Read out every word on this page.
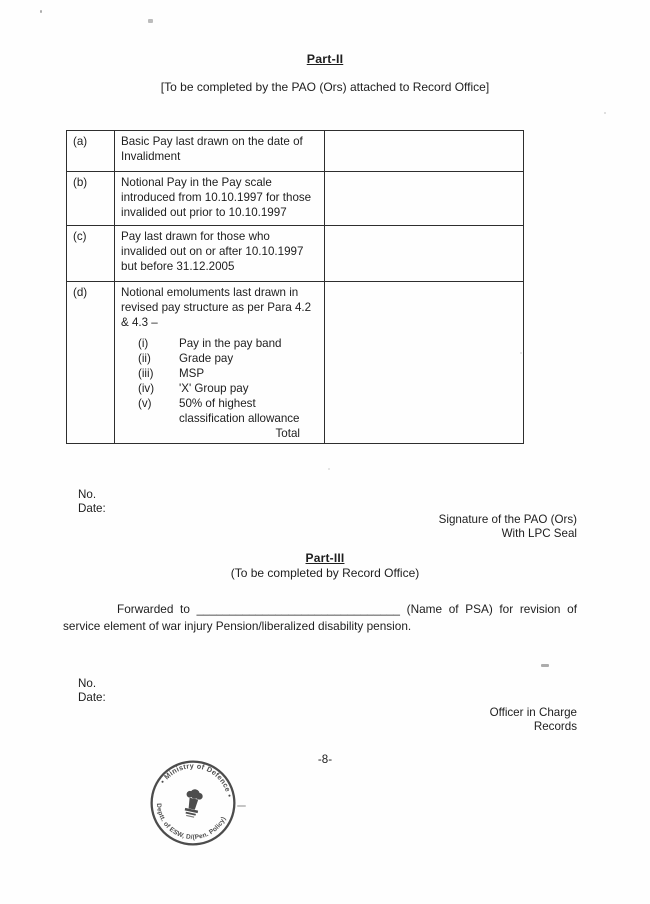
Part-II
[To be completed by the PAO (Ors) attached to Record Office]
(a)	Basic Pay last drawn on the date of Invalidment	
(b)	Notional Pay in the Pay scale introduced from 10.10.1997 for those invalided out prior to 10.10.1997	
(c)	Pay last drawn for those who invalided out on or after 10.10.1997 but before 31.12.2005	
(d)	Notional emoluments last drawn in revised pay structure as per Para 4.2 & 4.3 –
(i)	Pay in the pay band
(ii) Grade pay
(iii) MSP
(iv) 'X' Group pay
(v) 50% of highest classification allowance
Total

No.
Date:
Signature of the PAO (Ors)
With LPC Seal
Part-III
(To be completed by Record Office)
Forwarded to _______________________________ (Name of PSA) for revision of service element of war injury Pension/liberalized disability pension.
No.
Date:
Officer in Charge
Records
-8-
• Ministry of Defence •
Deptt. of ESW, D/(Pen. Policy)
